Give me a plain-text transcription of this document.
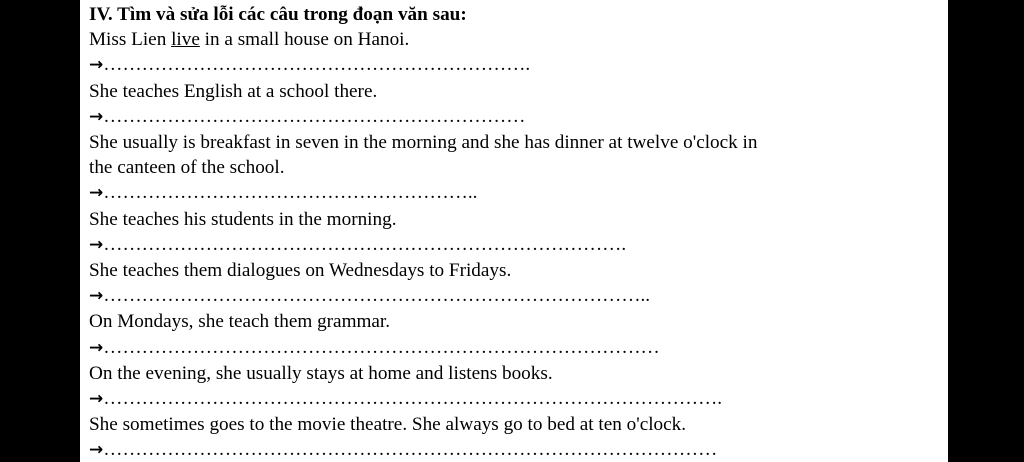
IV. Tìm và sửa lỗi các câu trong đoạn văn sau:
Miss Lien live in a small house on Hanoi.
→………………………………………………………….
She teaches English at a school there.
→…………………………………………………………
She usually is breakfast in seven in the morning and she has dinner at twelve o'clock in
the canteen of the school.
→…………………………………………………..
She teaches his students in the morning.
→……………………………………………………………………….
She teaches them dialogues on Wednesdays to Fridays.
→…………………………………………………………………………..
On Mondays, she teach them grammar.
→……………………………………………………………………………
On the evening, she usually stays at home and listens books.
→…………………………………………………………………………………….
She sometimes goes to the movie theatre. She always go to bed at ten o'clock.
→……………………………………………………………………………………
